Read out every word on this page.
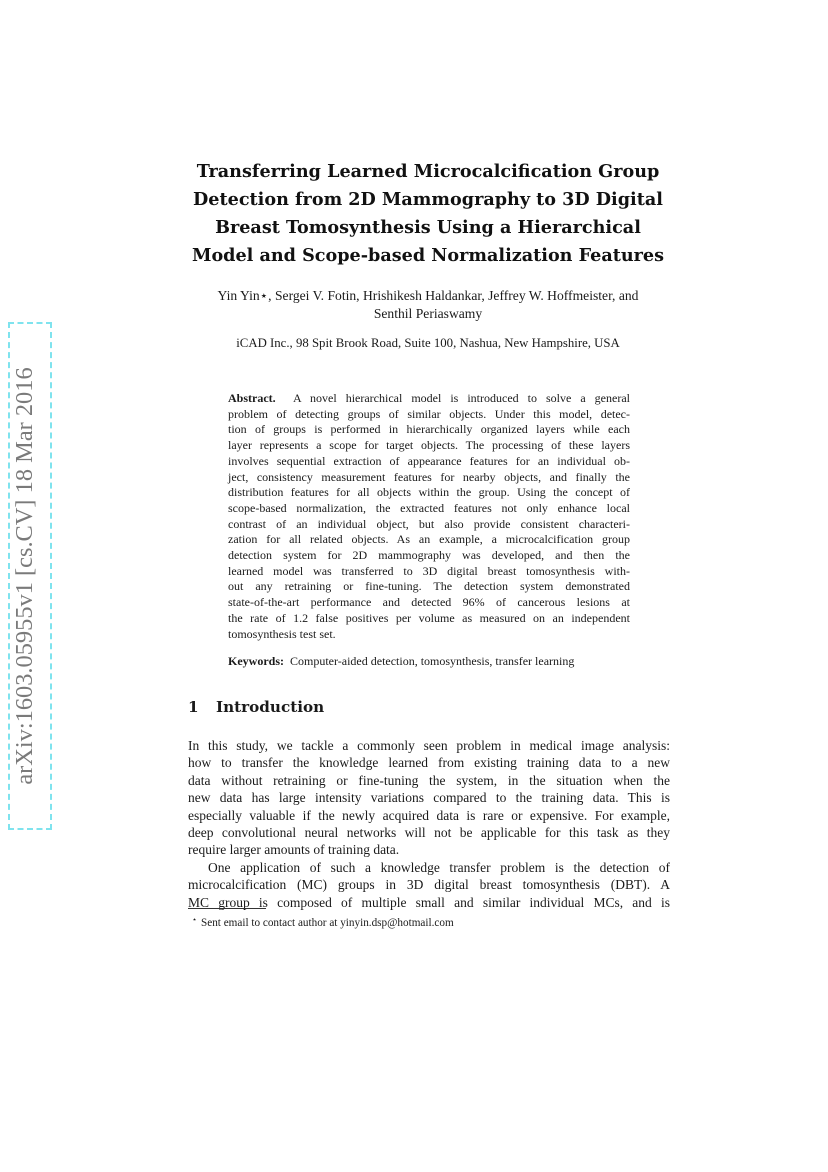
arXiv:1603.05955v1 [cs.CV] 18 Mar 2016
Transferring Learned Microcalcification Group
Detection from 2D Mammography to 3D Digital
Breast Tomosynthesis Using a Hierarchical
Model and Scope-based Normalization Features
Yin Yin⋆, Sergei V. Fotin, Hrishikesh Haldankar, Jeffrey W. Hoffmeister, and
Senthil Periaswamy
iCAD Inc., 98 Spit Brook Road, Suite 100, Nashua, New Hampshire, USA
Abstract. A novel hierarchical model is introduced to solve a general
problem of detecting groups of similar objects. Under this model, detec-
tion of groups is performed in hierarchically organized layers while each
layer represents a scope for target objects. The processing of these layers
involves sequential extraction of appearance features for an individual ob-
ject, consistency measurement features for nearby objects, and finally the
distribution features for all objects within the group. Using the concept of
scope-based normalization, the extracted features not only enhance local
contrast of an individual object, but also provide consistent characteri-
zation for all related objects. As an example, a microcalcification group
detection system for 2D mammography was developed, and then the
learned model was transferred to 3D digital breast tomosynthesis with-
out any retraining or fine-tuning. The detection system demonstrated
state-of-the-art performance and detected 96% of cancerous lesions at
the rate of 1.2 false positives per volume as measured on an independent
tomosynthesis test set.
Keywords: Computer-aided detection, tomosynthesis, transfer learning
1 Introduction
In this study, we tackle a commonly seen problem in medical image analysis:
how to transfer the knowledge learned from existing training data to a new
data without retraining or fine-tuning the system, in the situation when the
new data has large intensity variations compared to the training data. This is
especially valuable if the newly acquired data is rare or expensive. For example,
deep convolutional neural networks will not be applicable for this task as they
require larger amounts of training data.
One application of such a knowledge transfer problem is the detection of
microcalcification (MC) groups in 3D digital breast tomosynthesis (DBT). A
MC group is composed of multiple small and similar individual MCs, and is
⋆ Sent email to contact author at yinyin.dsp@hotmail.com
